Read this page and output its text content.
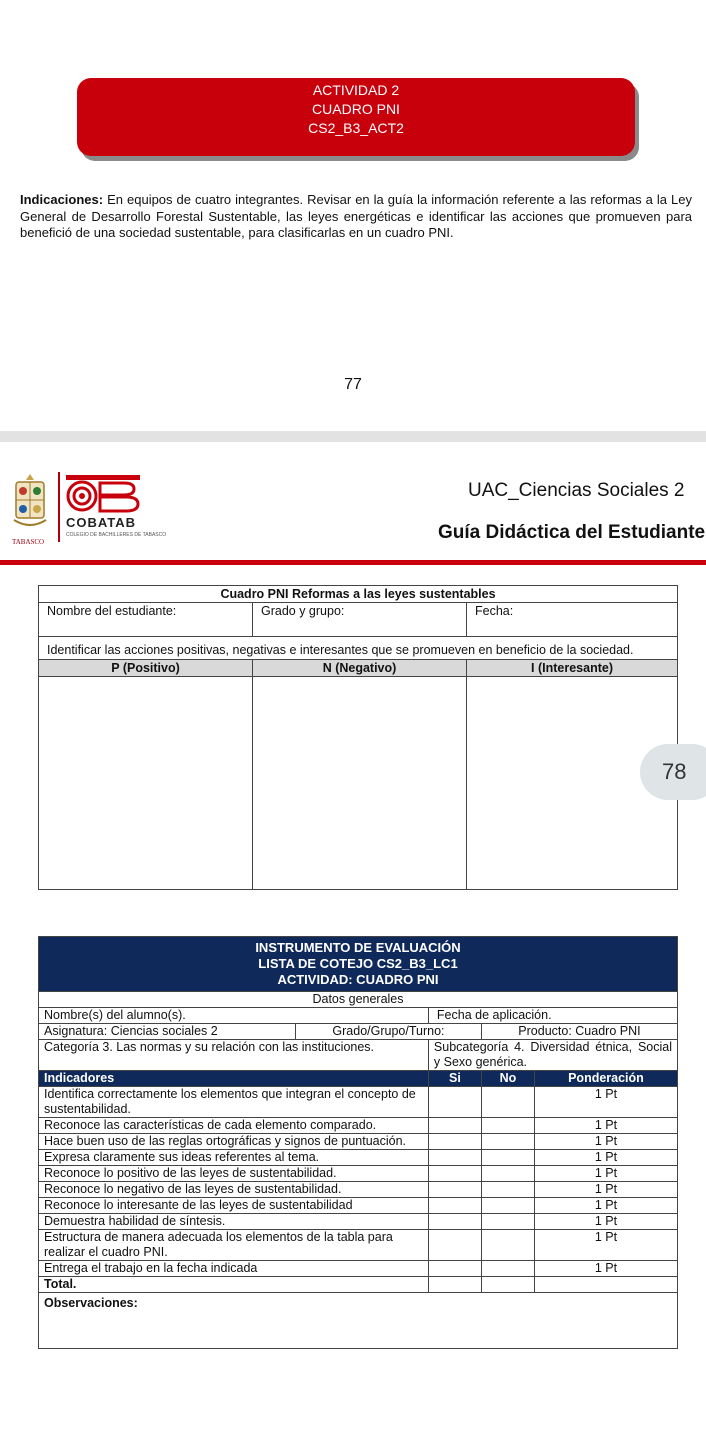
ACTIVIDAD 2
CUADRO PNI
CS2_B3_ACT2
Indicaciones: En equipos de cuatro integrantes. Revisar en la guía la información referente a las reformas a la Ley General de Desarrollo Forestal Sustentable, las leyes energéticas e identificar las acciones que promueven para benefició de una sociedad sustentable, para clasificarlas en un cuadro PNI.
77
TABASCO
COBATAB
COLEGIO DE BACHILLERES DE TABASCO
UAC_Ciencias Sociales 2
Guía Didáctica del Estudiante
Cuadro PNI Reformas a las leyes sustentables		
Nombre del estudiante:	Grado y grupo:	Fecha:
Identificar las acciones positivas, negativas e interesantes que se promueven en beneficio de la sociedad.		
P (Positivo)	N (Negativo)	I (Interesante)

78
INSTRUMENTO DE EVALUACIÓN
LISTA DE COTEJO CS2_B3_LC1
ACTIVIDAD: CUADRO PNI				

Datos generales				
Nombre(s) del alumno(s).		Fecha de aplicación.		
Asignatura: Ciencias sociales 2	Grado/Grupo/Turno:		Producto: Cuadro PNI	
Categoría 3. Las normas y su relación con las instituciones.		Subcategoría 4. Diversidad étnica, Social y Sexo genérica.		
Indicadores		Si	No	Ponderación
Identifica correctamente los elementos que integran el concepto de sustentabilidad.				1 Pt
Reconoce las características de cada elemento comparado.				1 Pt
Hace buen uso de las reglas ortográficas y signos de puntuación.				1 Pt
Expresa claramente sus ideas referentes al tema.				1 Pt
Reconoce lo positivo de las leyes de sustentabilidad.				1 Pt
Reconoce lo negativo de las leyes de sustentabilidad.				1 Pt
Reconoce lo interesante de las leyes de sustentabilidad				1 Pt
Demuestra habilidad de síntesis.				1 Pt
Estructura de manera adecuada los elementos de la tabla para realizar el cuadro PNI.				1 Pt
Entrega el trabajo en la fecha indicada				1 Pt
Total.				
Observaciones:				
